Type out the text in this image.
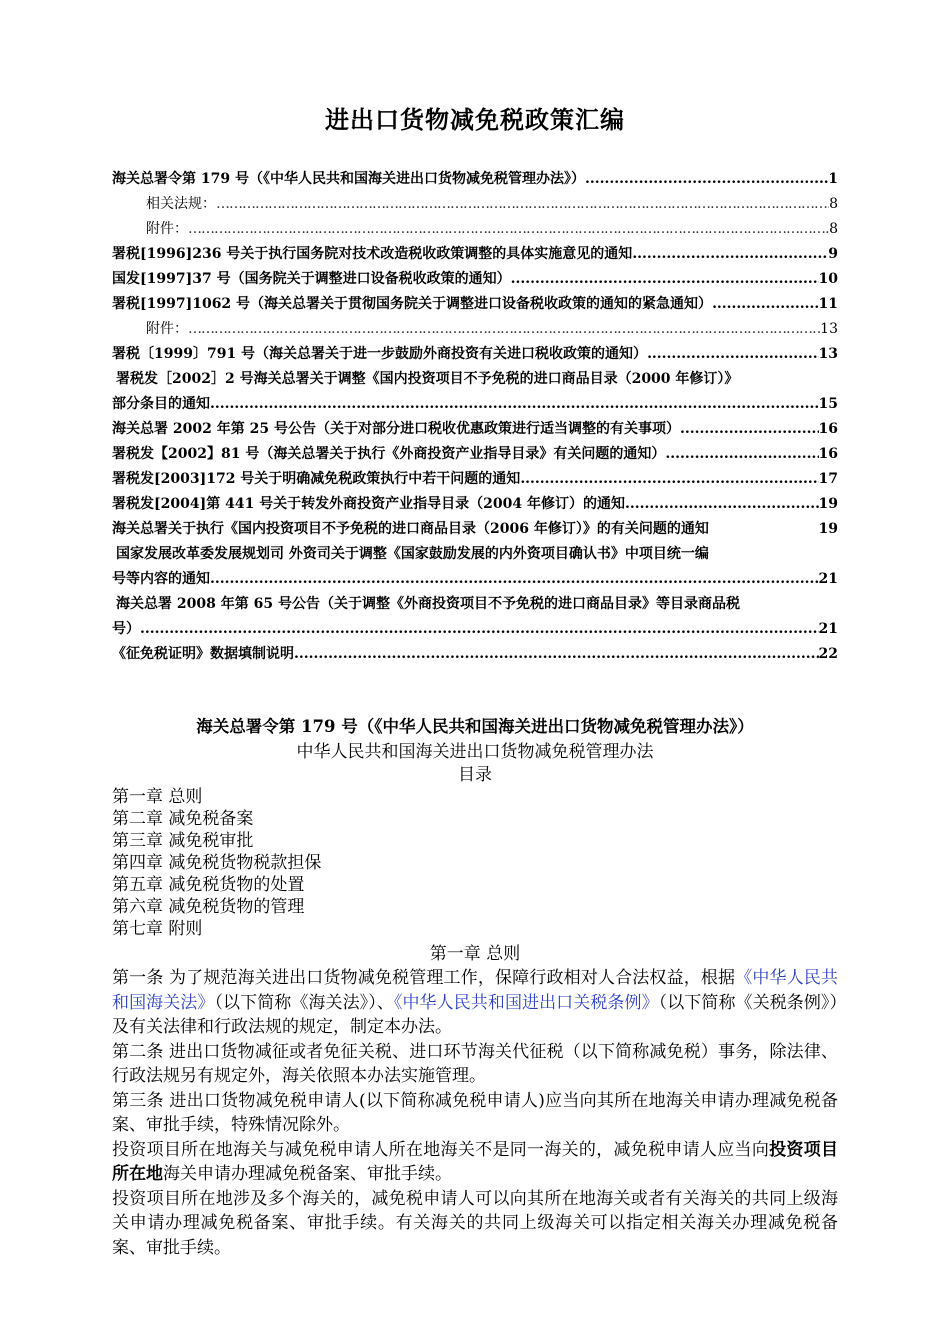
进出口货物减免税政策汇编
海关总署令第 179 号（《中华人民共和国海关进出口货物减免税管理办法》） .....	1
相关法规： …………………………………………………………………………………………………………………………………………………………………………………………………………………………………………………………………………	8
附件： …………………………………………………………………………………………………………………………………………………………………………………………………………………………………………………………………………	8
署税[1996]236 号关于执行国务院对技术改造税收政策调整的具体实施意见的通知 .....	9
国发[1997]37 号（国务院关于调整进口设备税收政策的通知） .....	10
署税[1997]1062 号（海关总署关于贯彻国务院关于调整进口设备税收政策的通知的紧急通知） .....	11
附件： …………………………………………………………………………………………………………………………………………………………………………………………………………………………………………………………………………	13
署税〔1999〕791 号（海关总署关于进一步鼓励外商投资有关进口税收政策的通知） .....	13
署税发［2002］2 号海关总署关于调整《国内投资项目不予免税的进口商品目录（2000 年修订）》
部分条目的通知 .....	15
海关总署 2002 年第 25 号公告（关于对部分进口税收优惠政策进行适当调整的有关事项） .....	16
署税发【2002】81 号（海关总署关于执行《外商投资产业指导目录》有关问题的通知） .....	16
署税发[2003]172 号关于明确减免税政策执行中若干问题的通知 .....	17
署税发[2004]第 441 号关于转发外商投资产业指导目录（2004 年修订）的通知 .....	19
海关总署关于执行《国内投资项目不予免税的进口商品目录（2006 年修订）》的有关问题的通知	19
国家发展改革委发展规划司 外资司关于调整《国家鼓励发展的内外资项目确认书》中项目统一编
号等内容的通知 .....	21
海关总署 2008 年第 65 号公告（关于调整《外商投资项目不予免税的进口商品目录》等目录商品税
号） .....	21
《征免税证明》数据填制说明 .....	22
海关总署令第 179 号（《中华人民共和国海关进出口货物减免税管理办法》）
中华人民共和国海关进出口货物减免税管理办法
目录
第一章 总则
第二章 减免税备案
第三章 减免税审批
第四章 减免税货物税款担保
第五章 减免税货物的处置
第六章 减免税货物的管理
第七章 附则
第一章 总则
第一条 为了规范海关进出口货物减免税管理工作，保障行政相对人合法权益，根据《中华人民共和国海关法》（以下简称《海关法》）、《中华人民共和国进出口关税条例》（以下简称《关税条例》）及有关法律和行政法规的规定，制定本办法。
第二条 进出口货物减征或者免征关税、进口环节海关代征税（以下简称减免税）事务，除法律、行政法规另有规定外，海关依照本办法实施管理。
第三条 进出口货物减免税申请人(以下简称减免税申请人)应当向其所在地海关申请办理减免税备案、审批手续，特殊情况除外。
投资项目所在地海关与减免税申请人所在地海关不是同一海关的，减免税申请人应当向投资项目所在地海关申请办理减免税备案、审批手续。
投资项目所在地涉及多个海关的，减免税申请人可以向其所在地海关或者有关海关的共同上级海关申请办理减免税备案、审批手续。有关海关的共同上级海关可以指定相关海关办理减免税备案、审批手续。
